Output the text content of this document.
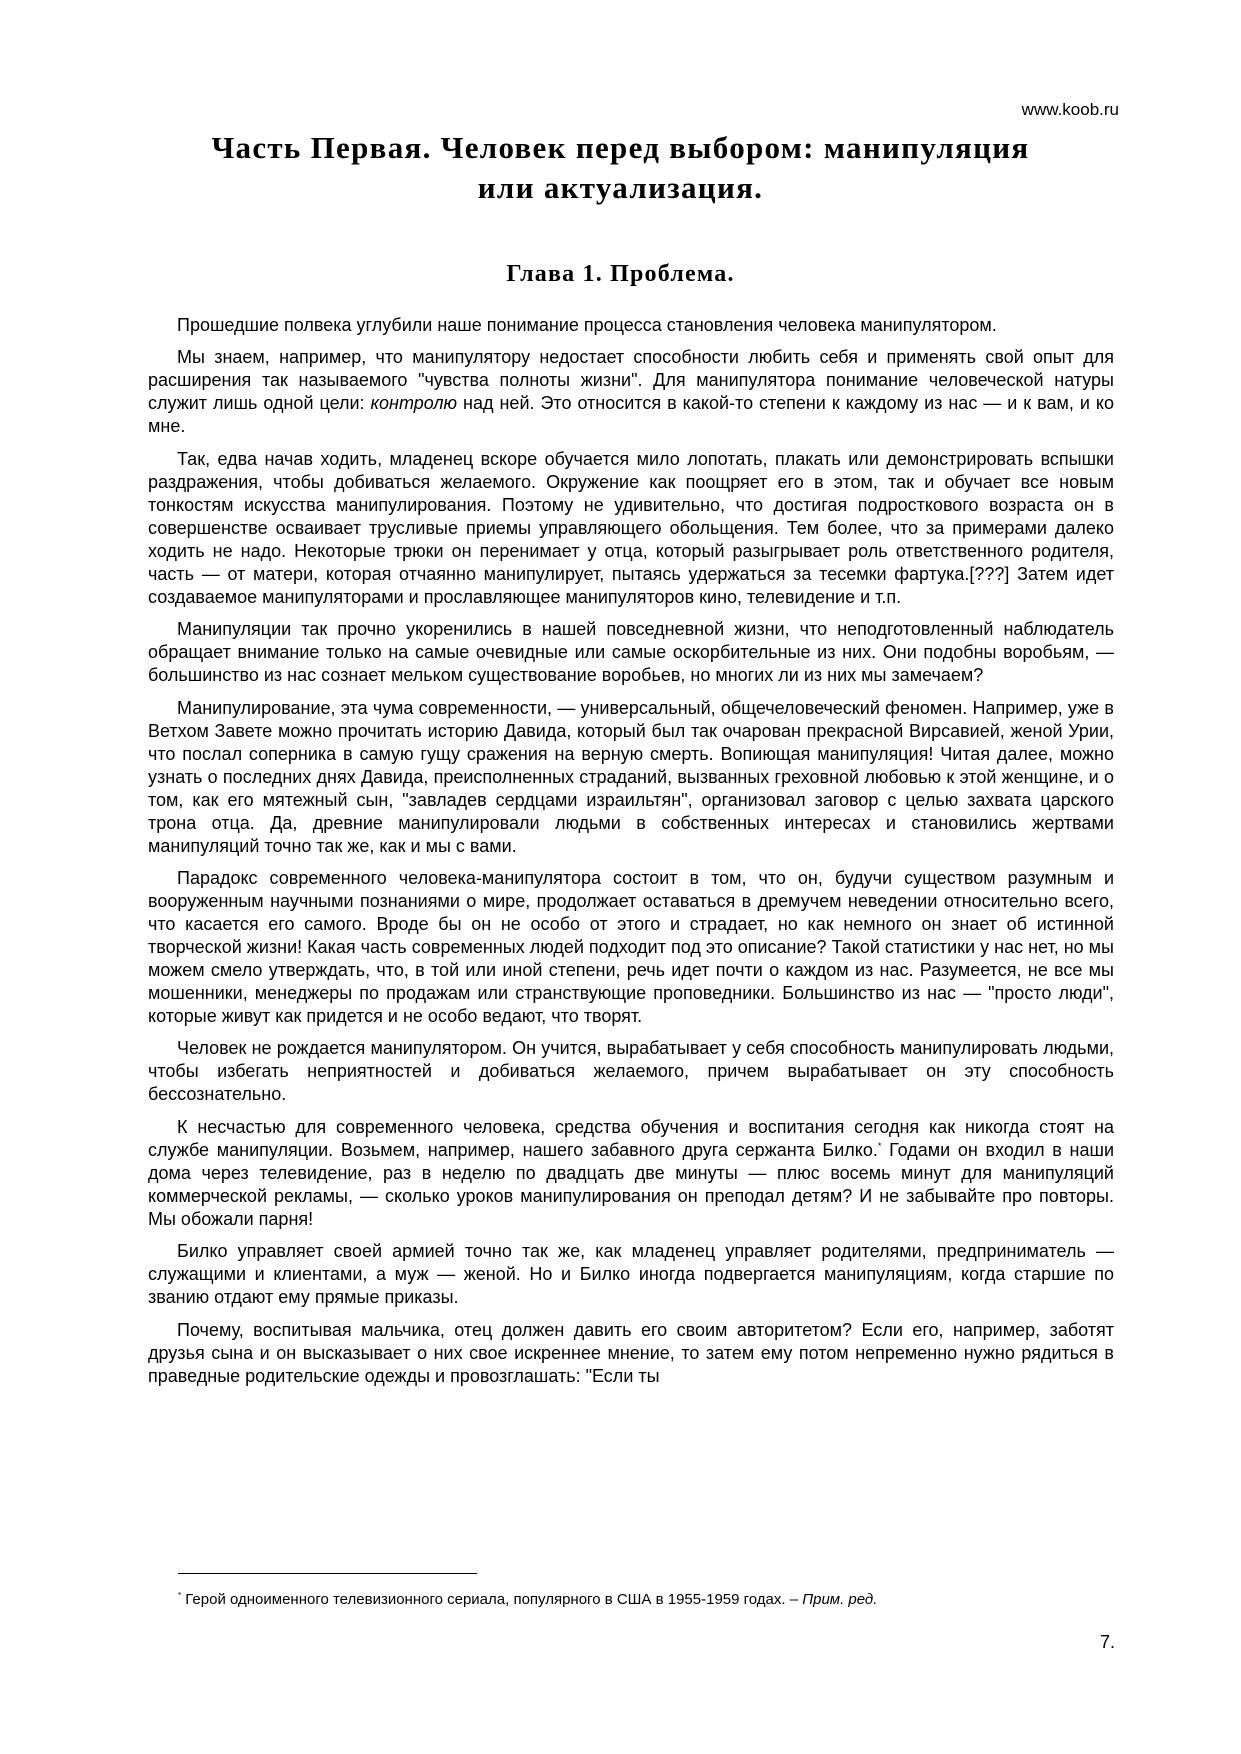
www.koob.ru

Часть Первая. Человек перед выбором: манипуляция
или актуализация.
Глава 1. Проблема.

Прошедшие полвека углубили наше понимание процесса становления человека манипулятором.

Мы знаем, например, что манипулятору недостает способности любить себя и применять свой опыт для расширения так называемого "чувства полноты жизни". Для манипулятора понимание человеческой натуры служит лишь одной цели: контролю над ней. Это относится в какой-то степени к каждому из нас — и к вам, и ко мне.

Так, едва начав ходить, младенец вскоре обучается мило лопотать, плакать или демонстрировать вспышки раздражения, чтобы добиваться желаемого. Окружение как поощряет его в этом, так и обучает все новым тонкостям искусства манипулирования. Поэтому не удивительно, что достигая подросткового возраста он в совершенстве осваивает трусливые приемы управляющего обольщения. Тем более, что за примерами далеко ходить не надо. Некоторые трюки он перенимает у отца, который разыгрывает роль ответственного родителя, часть — от матери, которая отчаянно манипулирует, пытаясь удержаться за тесемки фартука.[???] Затем идет создаваемое манипуляторами и прославляющее манипуляторов кино, телевидение и т.п.

Манипуляции так прочно укоренились в нашей повседневной жизни, что неподготовленный наблюдатель обращает внимание только на самые очевидные или самые оскорбительные из них. Они подобны воробьям, — большинство из нас сознает мельком существование воробьев, но многих ли из них мы замечаем?

Манипулирование, эта чума современности, — универсальный, общечеловеческий феномен. Например, уже в Ветхом Завете можно прочитать историю Давида, который был так очарован прекрасной Вирсавией, женой Урии, что послал соперника в самую гущу сражения на верную смерть. Вопиющая манипуляция! Читая далее, можно узнать о последних днях Давида, преисполненных страданий, вызванных греховной любовью к этой женщине, и о том, как его мятежный сын, "завладев сердцами израильтян", организовал заговор с целью захвата царского трона отца. Да, древние манипулировали людьми в собственных интересах и становились жертвами манипуляций точно так же, как и мы с вами.

Парадокс современного человека-манипулятора состоит в том, что он, будучи существом разумным и вооруженным научными познаниями о мире, продолжает оставаться в дремучем неведении относительно всего, что касается его самого. Вроде бы он не особо от этого и страдает, но как немного он знает об истинной творческой жизни! Какая часть современных людей подходит под это описание? Такой статистики у нас нет, но мы можем смело утверждать, что, в той или иной степени, речь идет почти о каждом из нас. Разумеется, не все мы мошенники, менеджеры по продажам или странствующие проповедники. Большинство из нас — "просто люди", которые живут как придется и не особо ведают, что творят.

Человек не рождается манипулятором. Он учится, вырабатывает у себя способность манипулировать людьми, чтобы избегать неприятностей и добиваться желаемого, причем вырабатывает он эту способность бессознательно.

К несчастью для современного человека, средства обучения и воспитания сегодня как никогда стоят на службе манипуляции. Возьмем, например, нашего забавного друга сержанта Билко.* Годами он входил в наши дома через телевидение, раз в неделю по двадцать две минуты — плюс восемь минут для манипуляций коммерческой рекламы, — сколько уроков манипулирования он преподал детям? И не забывайте про повторы. Мы обожали парня!

Билко управляет своей армией точно так же, как младенец управляет родителями, предприниматель — служащими и клиентами, а муж — женой. Но и Билко иногда подвергается манипуляциям, когда старшие по званию отдают ему прямые приказы.

Почему, воспитывая мальчика, отец должен давить его своим авторитетом? Если его, например, заботят друзья сына и он высказывает о них свое искреннее мнение, то затем ему потом непременно нужно рядиться в праведные родительские одежды и провозглашать: "Если ты

* Герой одноименного телевизионного сериала, популярного в США в 1955-1959 годах. – Прим. ред.

7.
